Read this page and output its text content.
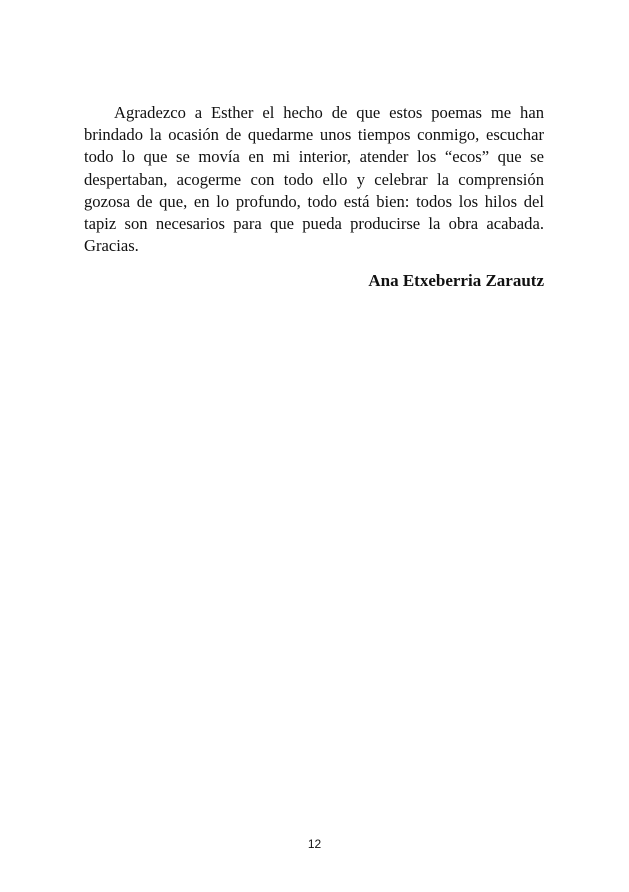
Agradezco a Esther el hecho de que estos poemas me han brindado la ocasión de quedarme unos tiempos conmigo, escuchar todo lo que se movía en mi interior, atender los “ecos” que se despertaban, acogerme con todo ello y celebrar la comprensión gozosa de que, en lo profundo, todo está bien: todos los hilos del tapiz son necesarios para que pueda producirse la obra acabada. Gracias.

Ana Etxeberria Zarautz

12
